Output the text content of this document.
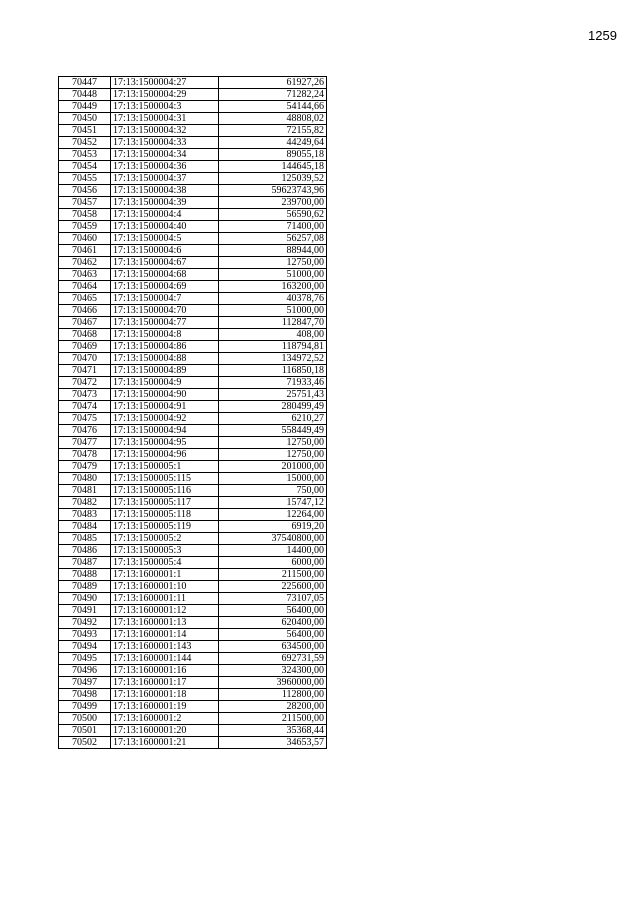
1259
70447	17:13:1500004:27	61927,26
70448	17:13:1500004:29	71282,24
70449	17:13:1500004:3	54144,66
70450	17:13:1500004:31	48808,02
70451	17:13:1500004:32	72155,82
70452	17:13:1500004:33	44249,64
70453	17:13:1500004:34	89055,18
70454	17:13:1500004:36	144645,18
70455	17:13:1500004:37	125039,52
70456	17:13:1500004:38	59623743,96
70457	17:13:1500004:39	239700,00
70458	17:13:1500004:4	56590,62
70459	17:13:1500004:40	71400,00
70460	17:13:1500004:5	56257,08
70461	17:13:1500004:6	88944,00
70462	17:13:1500004:67	12750,00
70463	17:13:1500004:68	51000,00
70464	17:13:1500004:69	163200,00
70465	17:13:1500004:7	40378,76
70466	17:13:1500004:70	51000,00
70467	17:13:1500004:77	112847,70
70468	17:13:1500004:8	408,00
70469	17:13:1500004:86	118794,81
70470	17:13:1500004:88	134972,52
70471	17:13:1500004:89	116850,18
70472	17:13:1500004:9	71933,46
70473	17:13:1500004:90	25751,43
70474	17:13:1500004:91	280499,49
70475	17:13:1500004:92	6210,27
70476	17:13:1500004:94	558449,49
70477	17:13:1500004:95	12750,00
70478	17:13:1500004:96	12750,00
70479	17:13:1500005:1	201000,00
70480	17:13:1500005:115	15000,00
70481	17:13:1500005:116	750,00
70482	17:13:1500005:117	15747,12
70483	17:13:1500005:118	12264,00
70484	17:13:1500005:119	6919,20
70485	17:13:1500005:2	37540800,00
70486	17:13:1500005:3	14400,00
70487	17:13:1500005:4	6000,00
70488	17:13:1600001:1	211500,00
70489	17:13:1600001:10	225600,00
70490	17:13:1600001:11	73107,05
70491	17:13:1600001:12	56400,00
70492	17:13:1600001:13	620400,00
70493	17:13:1600001:14	56400,00
70494	17:13:1600001:143	634500,00
70495	17:13:1600001:144	692731,59
70496	17:13:1600001:16	324300,00
70497	17:13:1600001:17	3960000,00
70498	17:13:1600001:18	112800,00
70499	17:13:1600001:19	28200,00
70500	17:13:1600001:2	211500,00
70501	17:13:1600001:20	35368,44
70502	17:13:1600001:21	34653,57
